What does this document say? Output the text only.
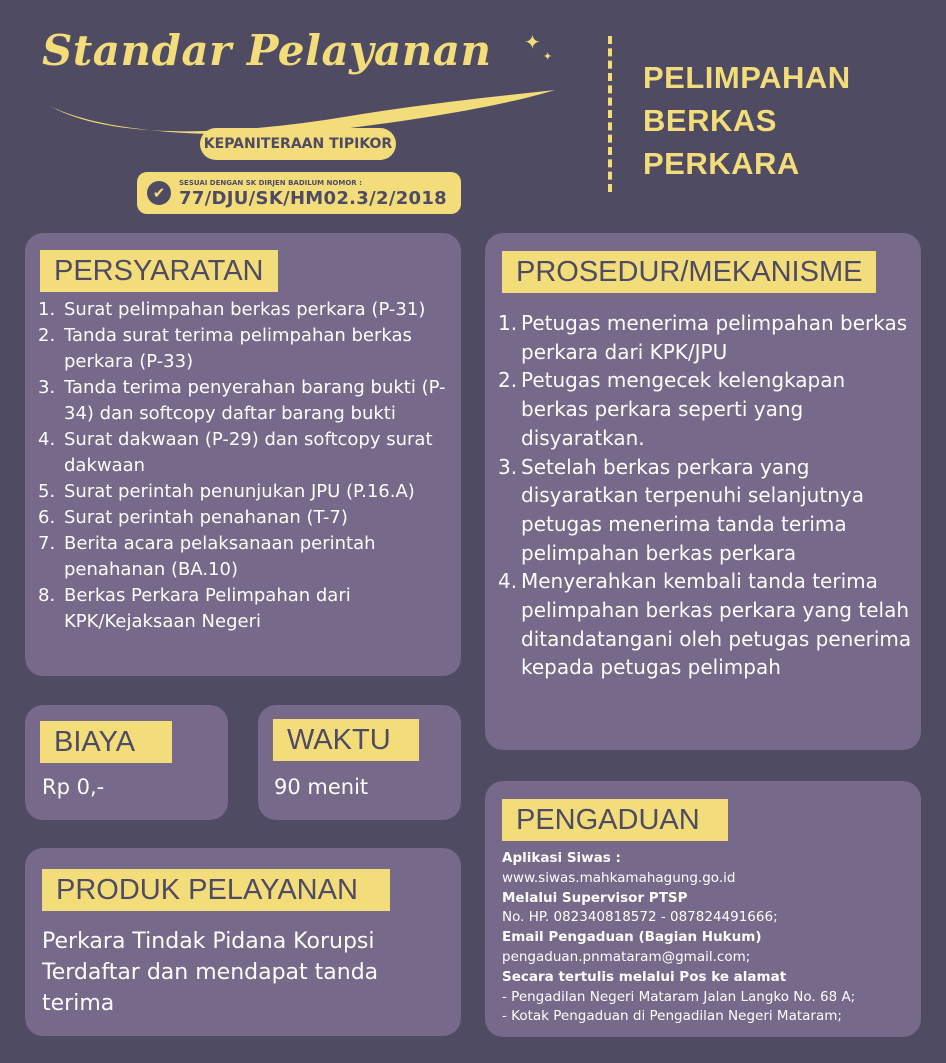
Standar Pelayanan ✦
✦
KEPANITERAAN TIPIKOR
✔
SESUAI DENGAN SK DIRJEN BADILUM NOMOR :
77/DJU/SK/HM02.3/2/2018
PELIMPAHAN
BERKAS
PERKARA
PERSYARATAN
1. Surat pelimpahan berkas perkara (P-31)
2. Tanda surat terima pelimpahan berkas perkara (P-33)
3. Tanda terima penyerahan barang bukti (P-34) dan softcopy daftar barang bukti
4. Surat dakwaan (P-29) dan softcopy surat dakwaan
5. Surat perintah penunjukan JPU (P.16.A)
6. Surat perintah penahanan (T-7)
7. Berita acara pelaksanaan perintah penahanan (BA.10)
8. Berkas Perkara Pelimpahan dari KPK/Kejaksaan Negeri
PROSEDUR/MEKANISME
1. Petugas menerima pelimpahan berkas perkara dari KPK/JPU
2. Petugas mengecek kelengkapan berkas perkara seperti yang disyaratkan.
3. Setelah berkas perkara yang disyaratkan terpenuhi selanjutnya petugas menerima tanda terima pelimpahan berkas perkara
4. Menyerahkan kembali tanda terima pelimpahan berkas perkara yang telah ditandatangani oleh petugas penerima kepada petugas pelimpah
BIAYA
Rp 0,-
WAKTU
90 menit
PRODUK PELAYANAN
Perkara Tindak Pidana Korupsi Terdaftar dan mendapat tanda terima
PENGADUAN
Aplikasi Siwas :
www.siwas.mahkamahagung.go.id
Melalui Supervisor PTSP
No. HP. 082340818572 - 087824491666;
Email Pengaduan (Bagian Hukum)
pengaduan.pnmataram@gmail.com;
Secara tertulis melalui Pos ke alamat
- Pengadilan Negeri Mataram Jalan Langko No. 68 A;
- Kotak Pengaduan di Pengadilan Negeri Mataram;
